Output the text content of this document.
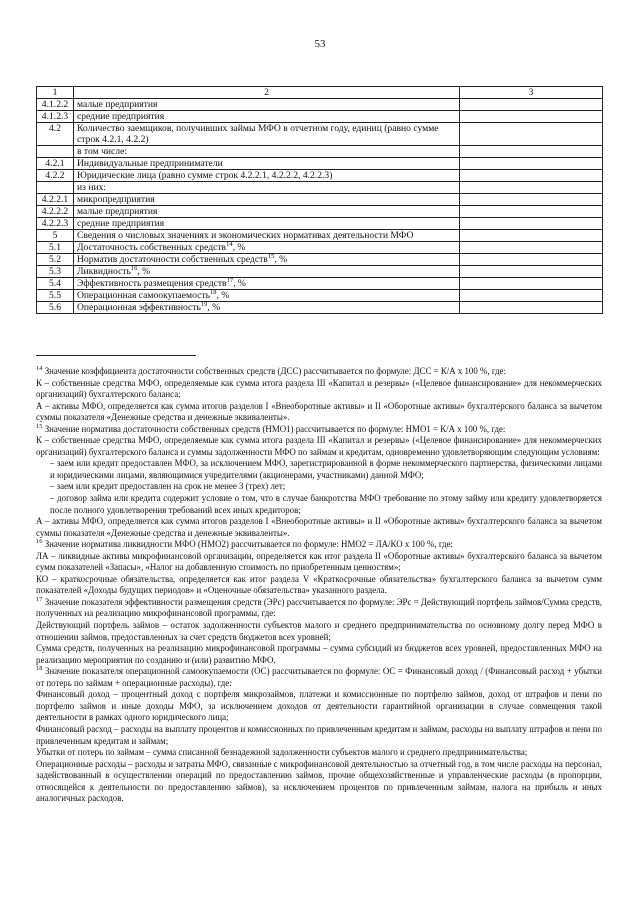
53
1	2	3
4.1.2.2	малые предприятия	
4.1.2.3	средние предприятия	
4.2	Количество заемщиков, получивших займы МФО в отчетном году, единиц (равно сумме строк 4.2.1, 4.2.2)	
	в том числе:	
4.2.1	Индивидуальные предприниматели	
4.2.2	Юридические лица (равно сумме строк 4.2.2.1, 4.2.2.2, 4.2.2.3)	
	из них:	
4.2.2.1	микропредприятия	
4.2.2.2	малые предприятия	
4.2.2.3	средние предприятия	
5	Сведения о числовых значениях и экономических нормативах деятельности МФО	
5.1	Достаточность собственных средств$^{14}$, %	
5.2	Норматив достаточности собственных средств$^{15}$, %	
5.3	Ликвидность$^{16}$, %	
5.4	Эффективность размещения средств$^{17}$, %	
5.5	Операционная самоокупаемость$^{18}$, %	
5.6	Операционная эффективность$^{19}$, %	

$^{14}$ Значение коэффициента достаточности собственных средств (ДСС) рассчитывается по формуле: ДСС = К/А x 100 %, где:

К – собственные средства МФО, определяемые как сумма итога раздела III «Капитал и резервы» («Целевое финансирование» для некоммерческих организаций) бухгалтерского баланса;

А – активы МФО, определяется как сумма итогов разделов I «Внеоборотные активы» и II «Оборотные активы» бухгалтерского баланса за вычетом суммы показателя «Денежные средства и денежные эквиваленты».

$^{15}$ Значение норматива достаточности собственных средств (НМО1) рассчитывается по формуле: НМО1 = К/А x 100 %, где:

К – собственные средства МФО, определяемые как сумма итога раздела III «Капитал и резервы» («Целевое финансирование» для некоммерческих организаций) бухгалтерского баланса и суммы задолженности МФО по займам и кредитам, одновременно удовлетворяющим следующим условиям:

– заем или кредит предоставлен МФО, за исключением МФО, зарегистрированной в форме некоммерческого партнерства, физическими лицами и юридическими лицами, являющимися учредителями (акционерами, участниками) данной МФО;

– заем или кредит предоставлен на срок не менее 3 (трех) лет;

– договор займа или кредита содержит условие о том, что в случае банкротства МФО требование по этому займу или кредиту удовлетворяется после полного удовлетворения требований всех иных кредиторов;

А – активы МФО, определяется как сумма итогов разделов I «Внеоборотные активы» и II «Оборотные активы» бухгалтерского баланса за вычетом суммы показателя «Денежные средства и денежные эквиваленты».

$^{16}$ Значение норматива ликвидности МФО (НМО2) рассчитывается по формуле: НМО2 = ЛА/КО x 100 %, где:

ЛА – ликвидные активы микрофинансовой организации, определяется как итог раздела II «Оборотные активы» бухгалтерского баланса за вычетом сумм показателей «Запасы», «Налог на добавленную стоимость по приобретенным ценностям»;

КО – краткосрочные обязательства, определяется как итог раздела V «Краткосрочные обязательства» бухгалтерского баланса за вычетом сумм показателей «Доходы будущих периодов» и «Оценочные обязательства» указанного раздела.

$^{17}$ Значение показателя эффективности размещения средств (ЭРс) рассчитывается по формуле: ЭРс = Действующий портфель займов/Сумма средств, полученных на реализацию микрофинансовой программы, где:

Действующий портфель займов – остаток задолженности субъектов малого и среднего предпринимательства по основному долгу перед МФО в отношении займов, предоставленных за счет средств бюджетов всех уровней;

Сумма средств, полученных на реализацию микрофинансовой программы – сумма субсидий из бюджетов всех уровней, предоставленных МФО на реализацию мероприятия по созданию и (или) развитию МФО.

$^{18}$ Значение показателя операционной самоокупаемости (ОС) рассчитывается по формуле: ОС = Финансовый доход / (Финансовый расход + убытки от потерь по займам + операционные расходы), где:

Финансовый доход – процентный доход с портфеля микрозаймов, платежи и комиссионные по портфелю займов, доход от штрафов и пени по портфелю займов и иные доходы МФО, за исключением доходов от деятельности гарантийной организации в случае совмещения такой деятельности в рамках одного юридического лица;

Финансовый расход – расходы на выплату процентов и комиссионных по привлеченным кредитам и займам, расходы на выплату штрафов и пени по привлеченным кредитам и займам;

Убытки от потерь по займам – сумма списанной безнадежной задолженности субъектов малого и среднего предпринимательства;

Операционные расходы – расходы и затраты МФО, связанные с микрофинансовой деятельностью за отчетный год, в том числе расходы на персонал, задействованный в осуществлении операций по предоставлению займов, прочие общехозяйственные и управленческие расходы (в пропорции, относящейся к деятельности по предоставлению займов), за исключением процентов по привлеченным займам, налога на прибыль и иных аналогичных расходов.
